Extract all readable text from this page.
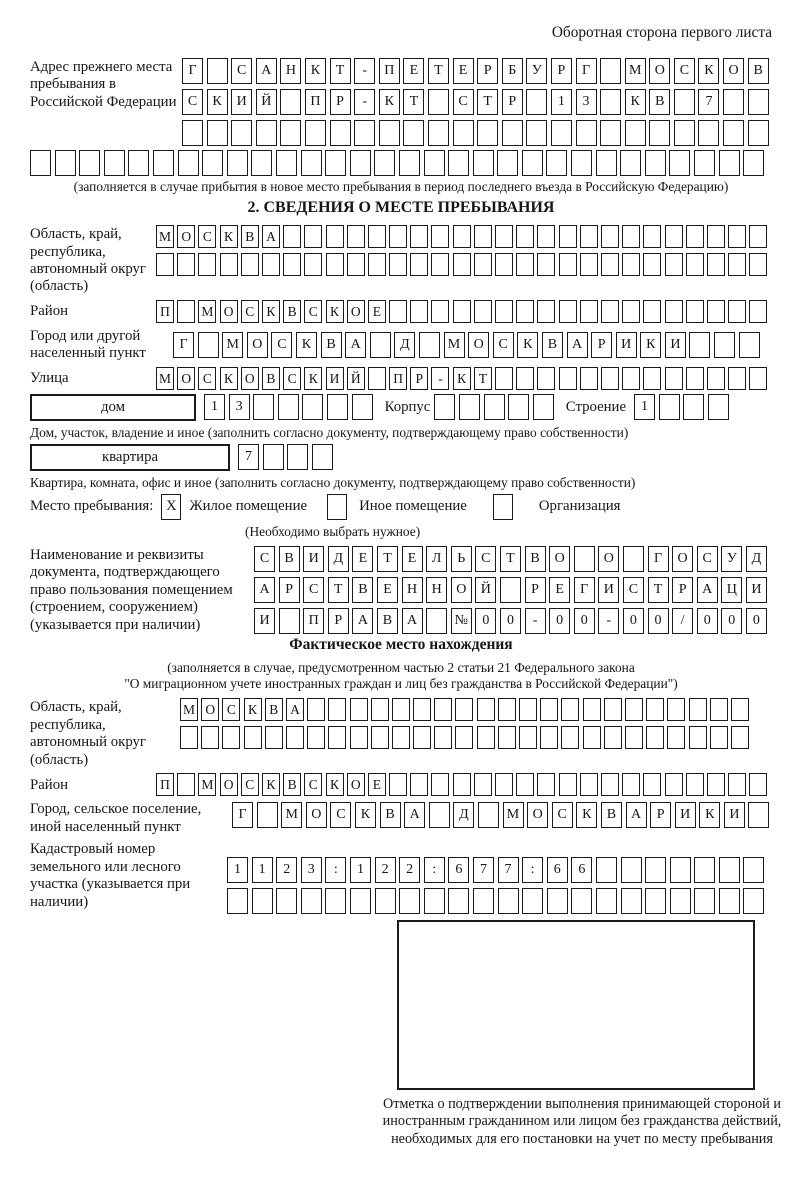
Оборотная сторона первого листа
Адрес прежнего места пребывания в Российской Федерации
Г	С	А	Н	К	Т	-	П	Е	Т	Е	Р	Б	У	Р	Г	М О	С	К	О	В
С	К	И	Й	П	Р	-	К	Т	С	Т	Р	1	3	К	В	7
(заполняется в случае прибытия в новое место пребывания в период последнего въезда в Российскую Федерацию)
2. СВЕДЕНИЯ О МЕСТЕ ПРЕБЫВАНИЯ
Область, край, республика, автономный округ (область)
М О С К В А
Район	П	М О С К В С К О Е
Город или другой населенный пункт
Г	М О	С	К	В	А	Д	М О	С	К	В	А	Р	И	К	И
Улица	М О С К О В С К И Й	П Р	-	К Т
дом	1	3	Корпус	Строение	1
Дом, участок, владение и иное (заполнить согласно документу, подтверждающему право собственности)
квартира	7
Квартира, комната, офис и иное (заполнить согласно документу, подтверждающему право собственности)
Место пребывания: X Жилое помещение	Иное помещение	Организация
(Необходимо выбрать нужное)
Наименование и реквизиты документа, подтверждающего право пользования помещением (строением, сооружением) (указывается при наличии)
С	В	И	Д	Е	Т	Е	Л	Ь	С	Т	В	О	О	Г	О	С	У	Д
А	Р	С	Т	В	Е	Н	Н	О	Й	Р	Е	Г	И	С	Т	Р	А	Ц	И
И	П	Р	А	В	А	№	0	0	-	0	0	-	0	0	/	0	0	0
Фактическое место нахождения
(заполняется в случае, предусмотренном частью 2 статьи 21 Федерального закона
"О миграционном учете иностранных граждан и лиц без гражданства в Российской Федерации")
Область, край, республика, автономный округ (область)
М О С К В А
Район	П	М О С К В С К О Е
Город, сельское поселение, иной населенный пункт
Г	М О	С	К	В	А	Д	М О	С	К	В	А	Р	И	К	И
Кадастровый номер земельного или лесного участка (указывается при наличии)
1	1	2	3	:	1	2	2	:	6	7	7	:	6	6
Отметка о подтверждении выполнения принимающей стороной и иностранным гражданином или лицом без гражданства действий, необходимых для его постановки на учет по месту пребывания
